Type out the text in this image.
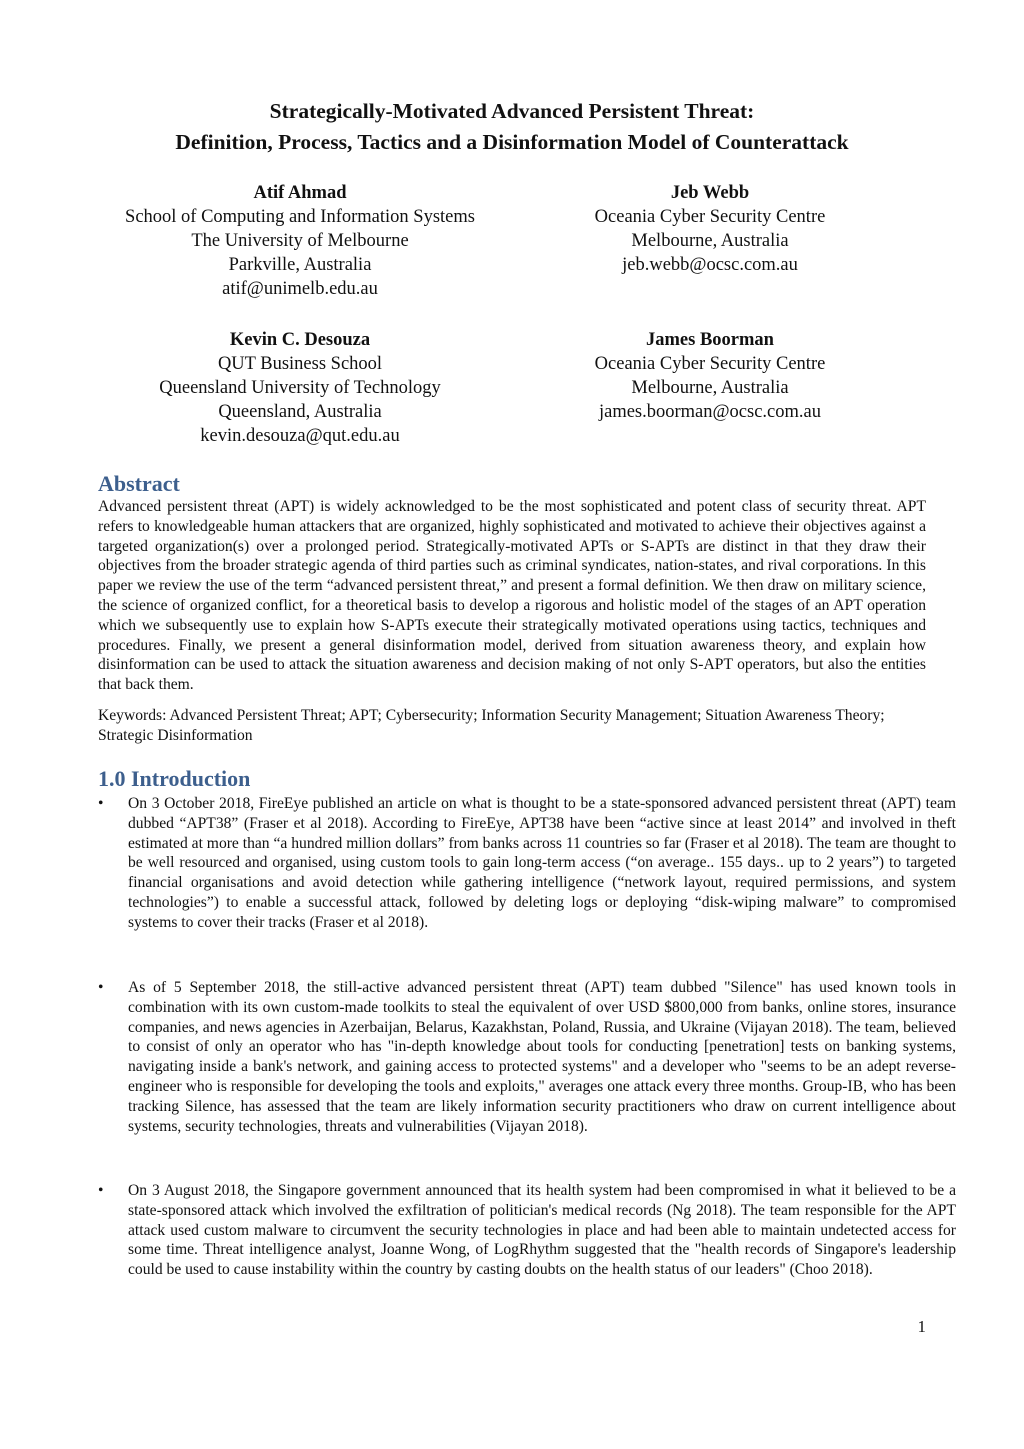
Strategically-Motivated Advanced Persistent Threat:
Definition, Process, Tactics and a Disinformation Model of Counterattack
Atif Ahmad
School of Computing and Information Systems
The University of Melbourne
Parkville, Australia
atif@unimelb.edu.au
Jeb Webb
Oceania Cyber Security Centre
Melbourne, Australia
jeb.webb@ocsc.com.au
Kevin C. Desouza
QUT Business School
Queensland University of Technology
Queensland, Australia
kevin.desouza@qut.edu.au
James Boorman
Oceania Cyber Security Centre
Melbourne, Australia
james.boorman@ocsc.com.au
Abstract
Advanced persistent threat (APT) is widely acknowledged to be the most sophisticated and potent class of security threat. APT refers to knowledgeable human attackers that are organized, highly sophisticated and motivated to achieve their objectives against a targeted organization(s) over a prolonged period. Strategically-motivated APTs or S-APTs are distinct in that they draw their objectives from the broader strategic agenda of third parties such as criminal syndicates, nation-states, and rival corporations. In this paper we review the use of the term “advanced persistent threat,” and present a formal definition. We then draw on military science, the science of organized conflict, for a theoretical basis to develop a rigorous and holistic model of the stages of an APT operation which we subsequently use to explain how S-APTs execute their strategically motivated operations using tactics, techniques and procedures. Finally, we present a general disinformation model, derived from situation awareness theory, and explain how disinformation can be used to attack the situation awareness and decision making of not only S-APT operators, but also the entities that back them.
Keywords: Advanced Persistent Threat; APT; Cybersecurity; Information Security Management; Situation Awareness Theory; Strategic Disinformation
1.0 Introduction
•	On 3 October 2018, FireEye published an article on what is thought to be a state-sponsored advanced persistent threat (APT) team dubbed “APT38” (Fraser et al 2018). According to FireEye, APT38 have been “active since at least 2014” and involved in theft estimated at more than “a hundred million dollars” from banks across 11 countries so far (Fraser et al 2018). The team are thought to be well resourced and organised, using custom tools to gain long-term access (“on average.. 155 days.. up to 2 years”) to targeted financial organisations and avoid detection while gathering intelligence (“network layout, required permissions, and system technologies”) to enable a successful attack, followed by deleting logs or deploying “disk-wiping malware” to compromised systems to cover their tracks (Fraser et al 2018).
•	As of 5 September 2018, the still-active advanced persistent threat (APT) team dubbed "Silence" has used known tools in combination with its own custom-made toolkits to steal the equivalent of over USD $800,000 from banks, online stores, insurance companies, and news agencies in Azerbaijan, Belarus, Kazakhstan, Poland, Russia, and Ukraine (Vijayan 2018). The team, believed to consist of only an operator who has "in-depth knowledge about tools for conducting [penetration] tests on banking systems, navigating inside a bank's network, and gaining access to protected systems" and a developer who "seems to be an adept reverse-engineer who is responsible for developing the tools and exploits," averages one attack every three months. Group-IB, who has been tracking Silence, has assessed that the team are likely information security practitioners who draw on current intelligence about systems, security technologies, threats and vulnerabilities (Vijayan 2018).
•	On 3 August 2018, the Singapore government announced that its health system had been compromised in what it believed to be a state-sponsored attack which involved the exfiltration of politician's medical records (Ng 2018). The team responsible for the APT attack used custom malware to circumvent the security technologies in place and had been able to maintain undetected access for some time. Threat intelligence analyst, Joanne Wong, of LogRhythm suggested that the "health records of Singapore's leadership could be used to cause instability within the country by casting doubts on the health status of our leaders" (Choo 2018).
1
